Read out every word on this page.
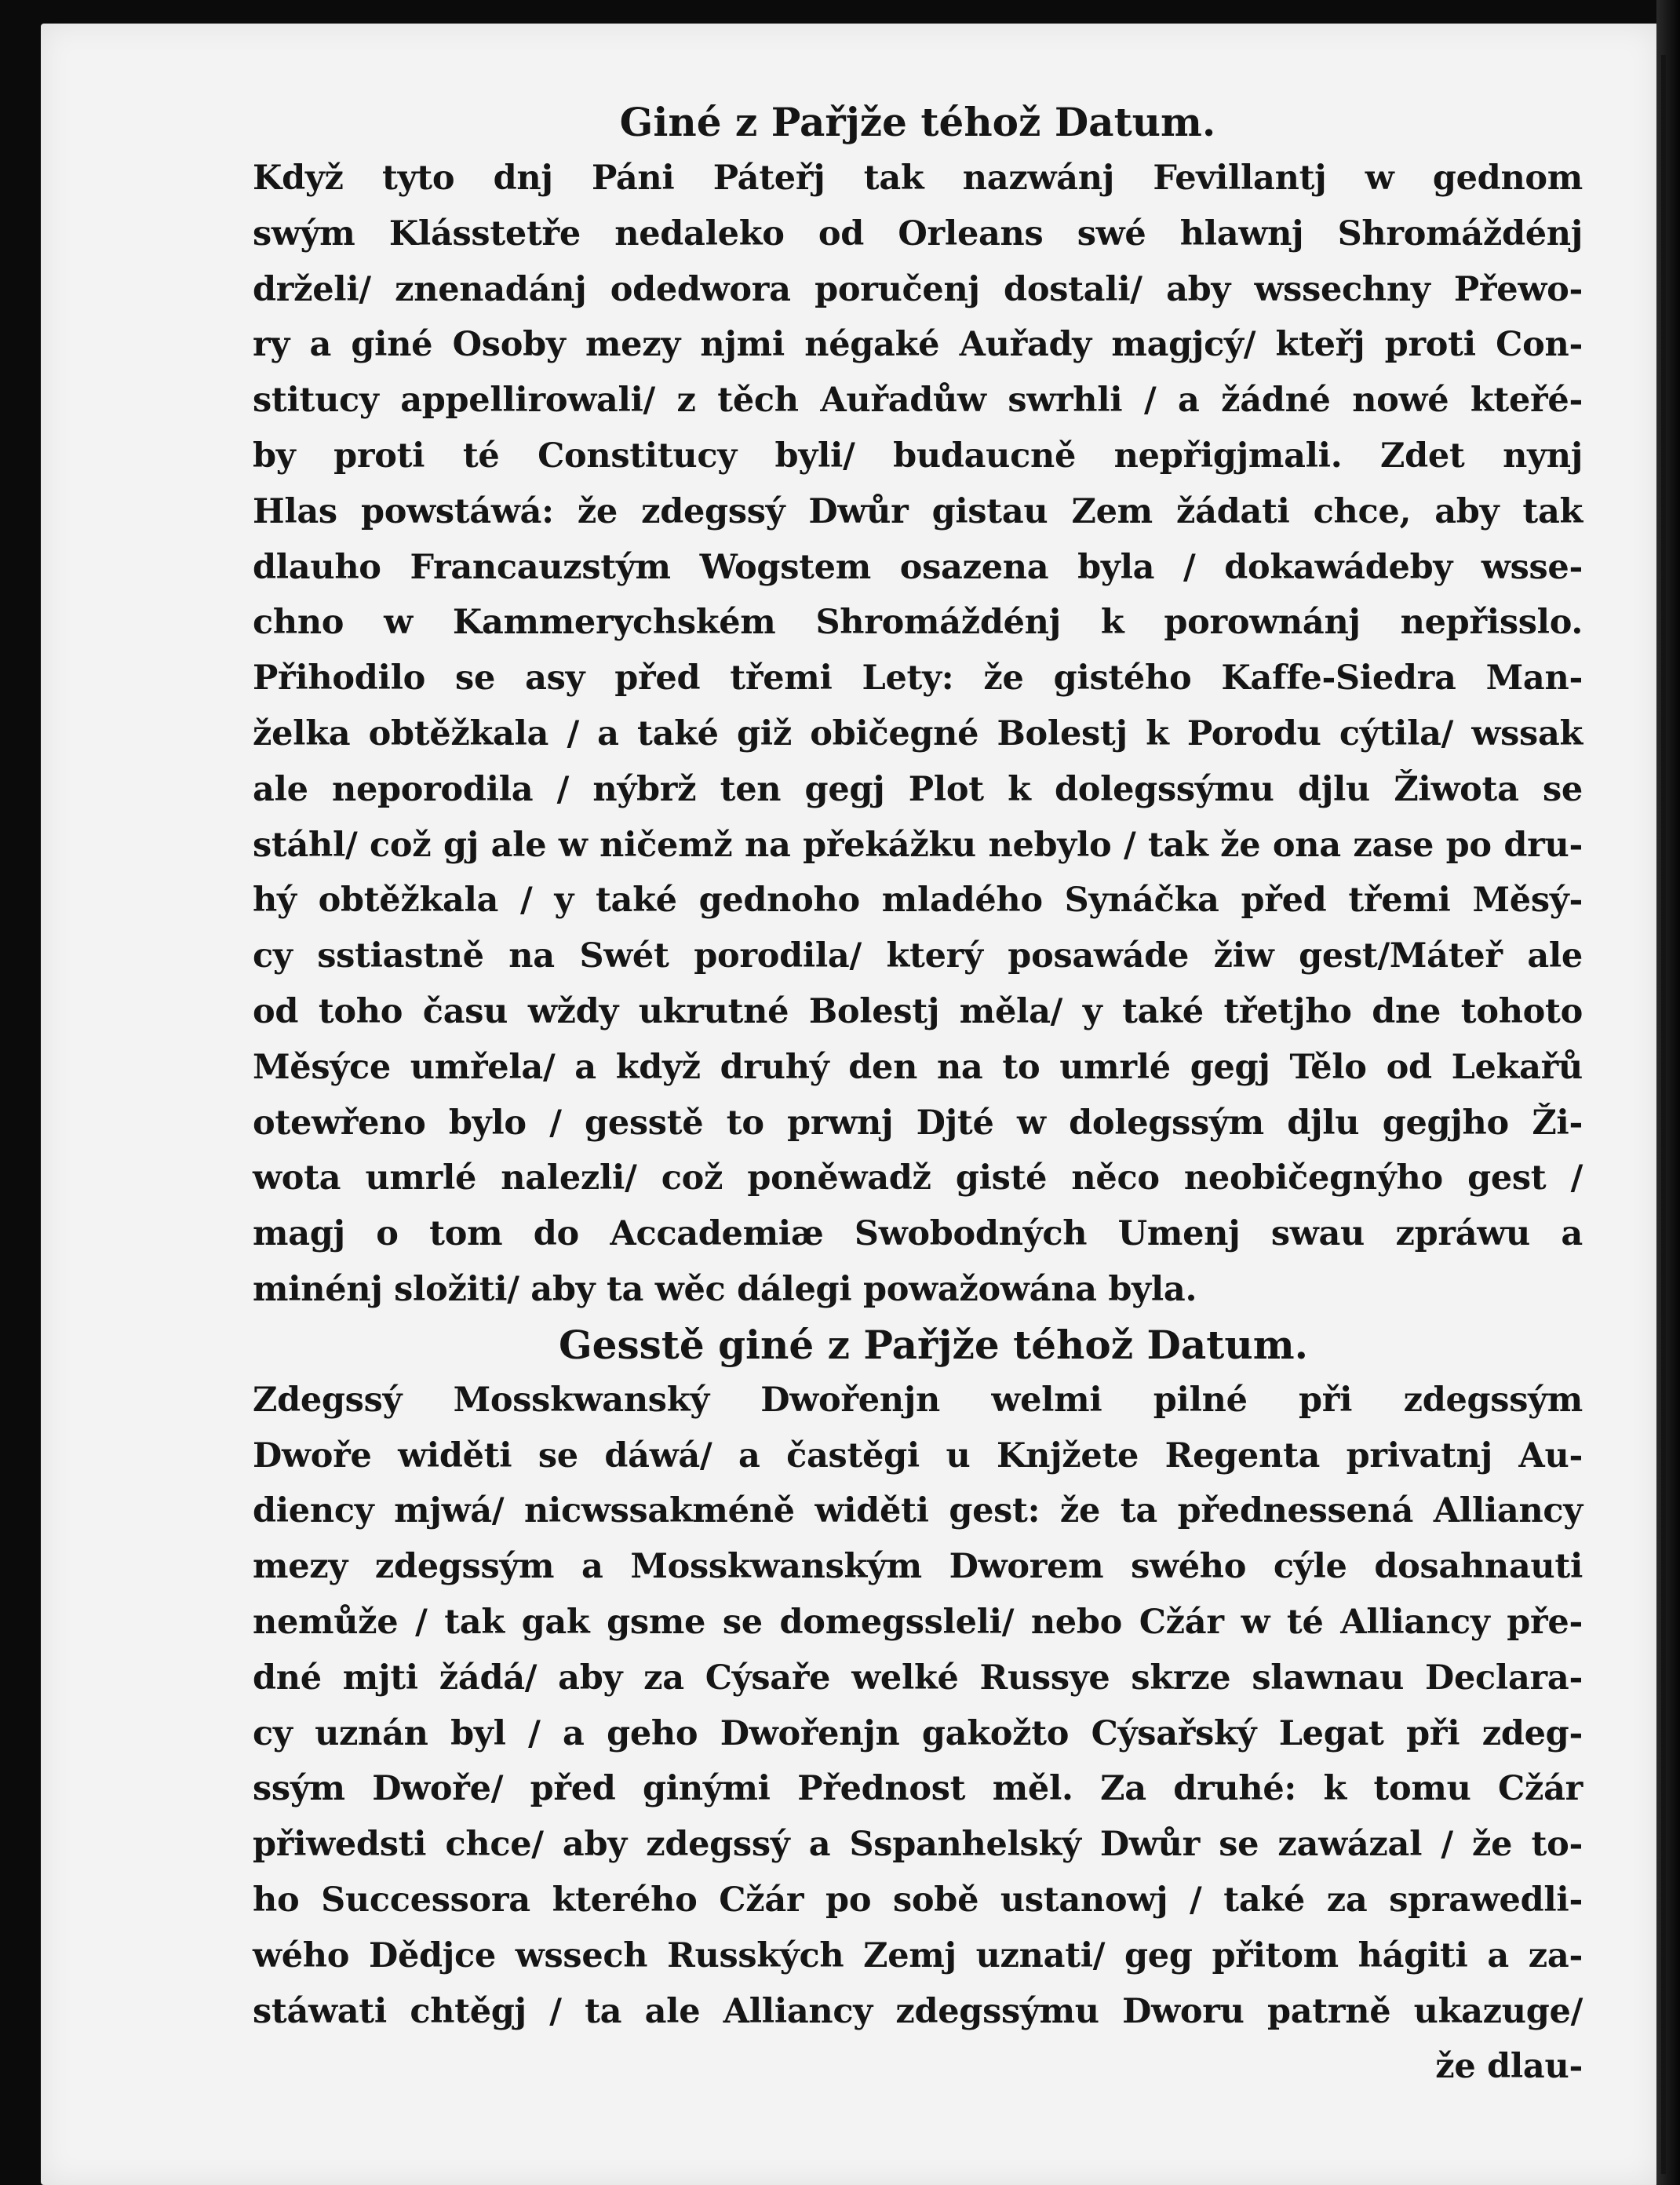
Giné z Pařjže téhož Datum.

Když tyto dnj Páni Páteřj tak nazwánj Fevillantj w gednom

swým Klásstetře nedaleko od Orleans swé hlawnj Shromáždénj

drželi/ znenadánj odedwora poručenj dostali/ aby wssechny Přewo-

ry a giné Osoby mezy njmi négaké Auřady magjcý/ kteřj proti Con-

stitucy appellirowali/ z těch Auřadůw swrhli / a žádné nowé kteřé-

by proti té Constitucy byli/ budaucně nepřigjmali. Zdet nynj

Hlas powstáwá: že zdegssý Dwůr gistau Zem žádati chce, aby tak

dlauho Francauzstým Wogstem osazena byla / dokawádeby wsse-

chno w Kammerychském Shromáždénj k porownánj nepřisslo.

Přihodilo se asy před třemi Lety: že gistého Kaffe-Siedra Man-

želka obtěžkala / a také giž običegné Bolestj k Porodu cýtila/ wssak

ale neporodila / nýbrž ten gegj Plot k dolegssýmu djlu Žiwota se

stáhl/ což gj ale w ničemž na překážku nebylo / tak že ona zase po dru-

hý obtěžkala / y také gednoho mladého Synáčka před třemi Měsý-

cy sstiastně na Swét porodila/ který posawáde žiw gest/Máteř ale

od toho času wždy ukrutné Bolestj měla/ y také třetjho dne tohoto

Měsýce umřela/ a když druhý den na to umrlé gegj Tělo od Lekařů

otewřeno bylo / gesstě to prwnj Djté w dolegssým djlu gegjho Ži-

wota umrlé nalezli/ což poněwadž gisté něco neobičegnýho gest /

magj o tom do Accademiæ Swobodných Umenj swau zpráwu a

minénj složiti/ aby ta wěc dálegi powažowána byla.

Gesstě giné z Pařjže téhož Datum.

Zdegssý Mosskwanský Dwořenjn welmi pilné při zdegssým

Dwoře widěti se dáwá/ a častěgi u Knjžete Regenta privatnj Au-

diency mjwá/ nicwssakméně widěti gest: že ta přednessená Alliancy

mezy zdegssým a Mosskwanským Dworem swého cýle dosahnauti

nemůže / tak gak gsme se domegssleli/ nebo Cžár w té Alliancy pře-

dné mjti žádá/ aby za Cýsaře welké Russye skrze slawnau Declara-

cy uznán byl / a geho Dwořenjn gakožto Cýsařský Legat při zdeg-

ssým Dwoře/ před ginými Přednost měl. Za druhé: k tomu Cžár

přiwedsti chce/ aby zdegssý a Sspanhelský Dwůr se zawázal / že to-

ho Successora kterého Cžár po sobě ustanowj / také za sprawedli-

wého Dědjce wssech Rusských Zemj uznati/ geg přitom hágiti a za-

stáwati chtěgj / ta ale Alliancy zdegssýmu Dworu patrně ukazuge/

že dlau-
